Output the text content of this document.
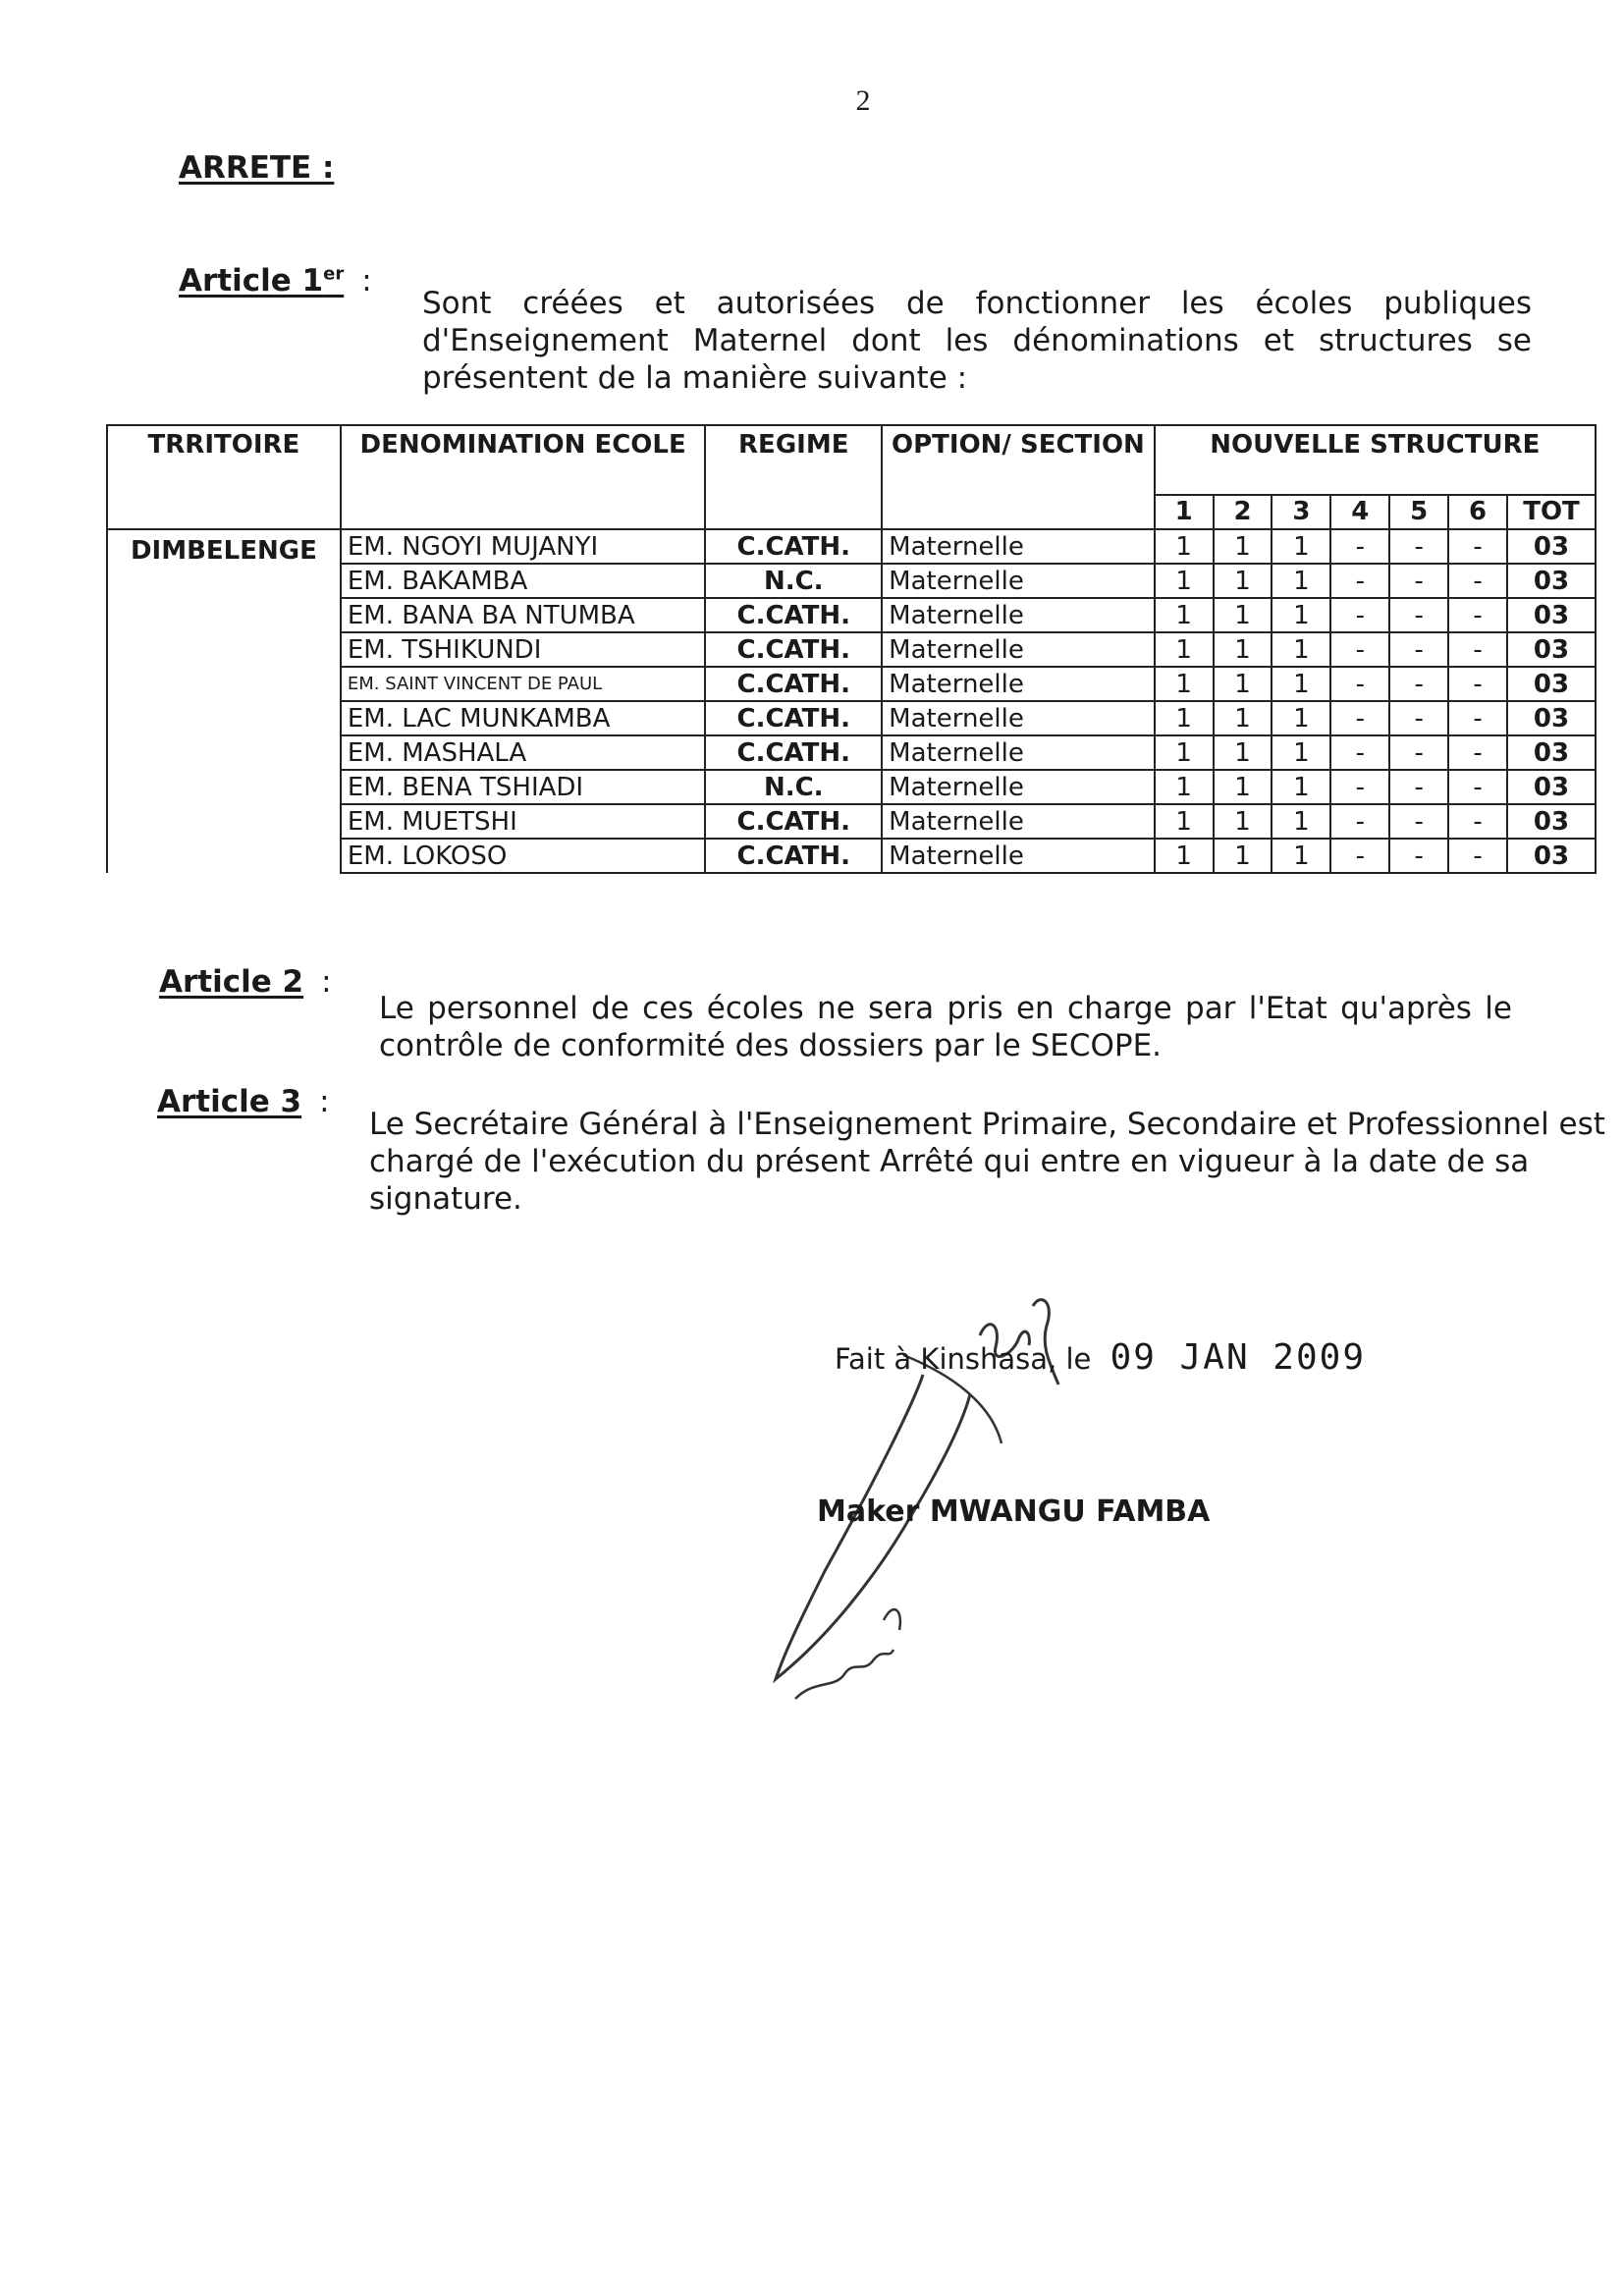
2
ARRETE :
Article 1er :
Sont créées et autorisées de fonctionner les écoles publiques
d'Enseignement Maternel dont les dénominations et structures se
présentent de la manière suivante :
TRRITOIRE	DENOMINATION ECOLE	REGIME	OPTION/ SECTION	NOUVELLE STRUCTURE						
				1	2	3	4	5	6	TOT
DIMBELENGE	EM. NGOYI MUJANYI	C.CATH.	Maternelle	1	1	1	-	-	-	03
	EM. BAKAMBA	N.C.	Maternelle	1	1	1	-	-	-	03
	EM. BANA BA NTUMBA	C.CATH.	Maternelle	1	1	1	-	-	-	03
	EM. TSHIKUNDI	C.CATH.	Maternelle	1	1	1	-	-	-	03
	EM. SAINT VINCENT DE PAUL	C.CATH.	Maternelle	1	1	1	-	-	-	03
	EM. LAC MUNKAMBA	C.CATH.	Maternelle	1	1	1	-	-	-	03
	EM. MASHALA	C.CATH.	Maternelle	1	1	1	-	-	-	03
	EM. BENA TSHIADI	N.C.	Maternelle	1	1	1	-	-	-	03
	EM. MUETSHI	C.CATH.	Maternelle	1	1	1	-	-	-	03
	EM. LOKOSO	C.CATH.	Maternelle	1	1	1	-	-	-	03
Article 2 :
Le personnel de ces écoles ne sera pris en charge par l'Etat qu'après le
contrôle de conformité des dossiers par le SECOPE.
Article 3 :
Le Secrétaire Général à l'Enseignement Primaire, Secondaire et Professionnel est
chargé de l'exécution du présent Arrêté qui entre en vigueur à la date de sa
signature.
Fait à Kinshasa, le 09 JAN 2009
Maker MWANGU FAMBA
